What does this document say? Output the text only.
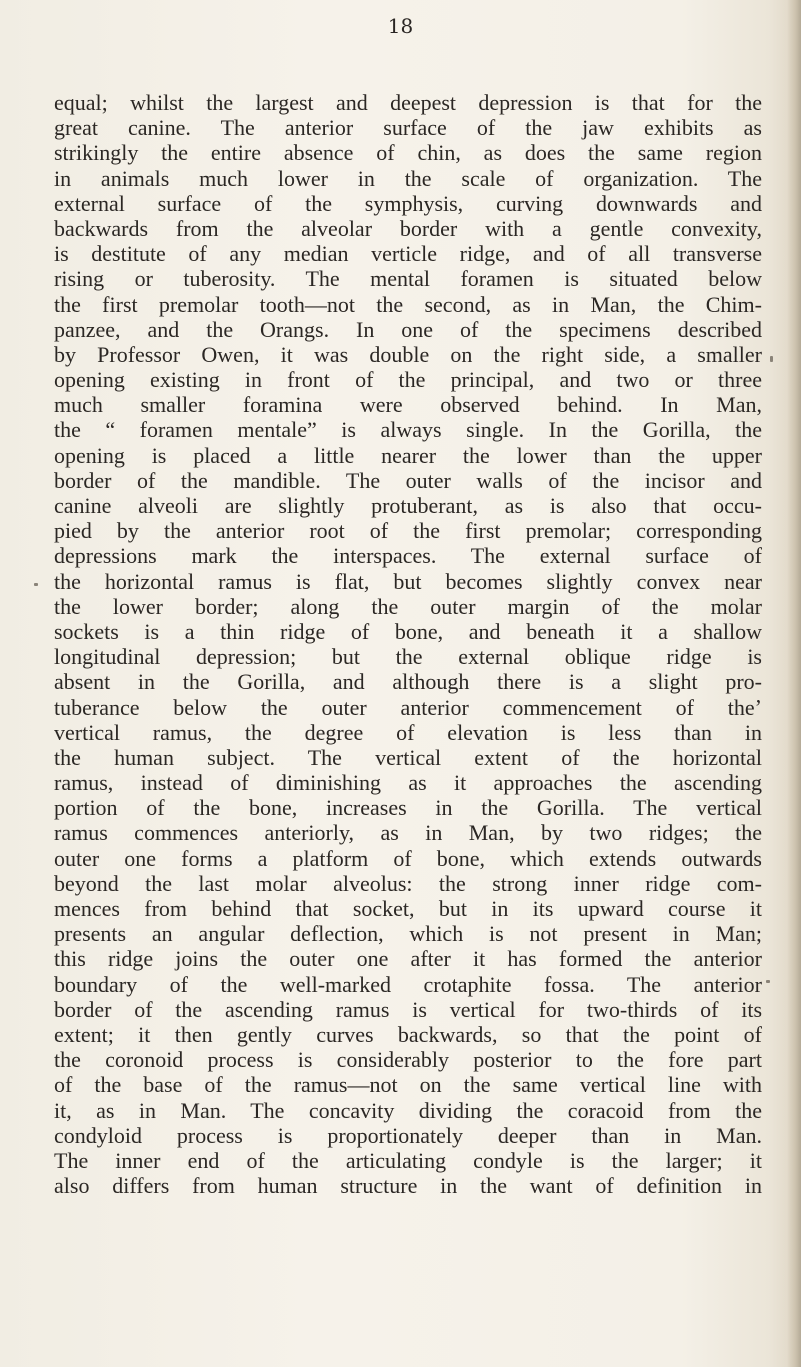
18

equal; whilst the largest and deepest depression is that for the
great canine. The anterior surface of the jaw exhibits as
strikingly the entire absence of chin, as does the same region
in animals much lower in the scale of organization. The
external surface of the symphysis, curving downwards and
backwards from the alveolar border with a gentle convexity,
is destitute of any median verticle ridge, and of all transverse
rising or tuberosity. The mental foramen is situated below
the first premolar tooth—not the second, as in Man, the Chim-
panzee, and the Orangs. In one of the specimens described
by Professor Owen, it was double on the right side, a smaller
opening existing in front of the principal, and two or three
much smaller foramina were observed behind. In Man,
the “ foramen mentale” is always single. In the Gorilla, the
opening is placed a little nearer the lower than the upper
border of the mandible. The outer walls of the incisor and
canine alveoli are slightly protuberant, as is also that occu-
pied by the anterior root of the first premolar; corresponding
depressions mark the interspaces. The external surface of
the horizontal ramus is flat, but becomes slightly convex near
the lower border; along the outer margin of the molar
sockets is a thin ridge of bone, and beneath it a shallow
longitudinal depression; but the external oblique ridge is
absent in the Gorilla, and although there is a slight pro-
tuberance below the outer anterior commencement of theʼ
vertical ramus, the degree of elevation is less than in
the human subject. The vertical extent of the horizontal
ramus, instead of diminishing as it approaches the ascending
portion of the bone, increases in the Gorilla. The vertical
ramus commences anteriorly, as in Man, by two ridges; the
outer one forms a platform of bone, which extends outwards
beyond the last molar alveolus: the strong inner ridge com-
mences from behind that socket, but in its upward course it
presents an angular deflection, which is not present in Man;
this ridge joins the outer one after it has formed the anterior
boundary of the well-marked crotaphite fossa. The anterior
border of the ascending ramus is vertical for two-thirds of its
extent; it then gently curves backwards, so that the point of
the coronoid process is considerably posterior to the fore part
of the base of the ramus—not on the same vertical line with
it, as in Man. The concavity dividing the coracoid from the
condyloid process is proportionately deeper than in Man.
The inner end of the articulating condyle is the larger; it
also differs from human structure in the want of definition in
